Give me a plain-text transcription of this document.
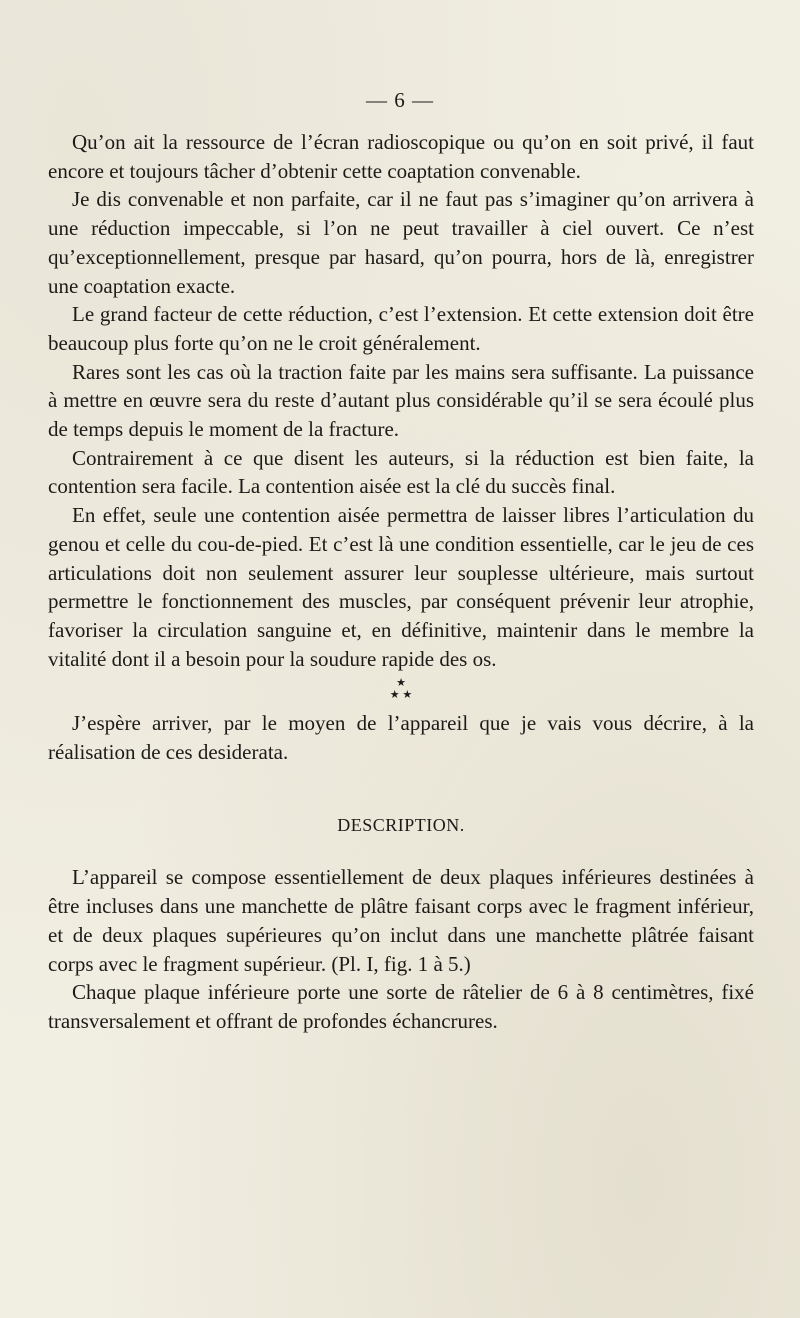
— 6 —

Qu’on ait la ressource de l’écran radioscopique ou qu’on en soit privé, il faut encore et toujours tâcher d’obtenir cette coaptation convenable.

Je dis convenable et non parfaite, car il ne faut pas s’imaginer qu’on arrivera à une réduction impeccable, si l’on ne peut travailler à ciel ouvert. Ce n’est qu’exceptionnellement, presque par hasard, qu’on pourra, hors de là, enregistrer une coaptation exacte.

Le grand facteur de cette réduction, c’est l’extension. Et cette extension doit être beaucoup plus forte qu’on ne le croit généralement.

Rares sont les cas où la traction faite par les mains sera suffisante. La puissance à mettre en œuvre sera du reste d’autant plus considérable qu’il se sera écoulé plus de temps depuis le moment de la fracture.

Contrairement à ce que disent les auteurs, si la réduction est bien faite, la contention sera facile. La contention aisée est la clé du succès final.

En effet, seule une contention aisée permettra de laisser libres l’articulation du genou et celle du cou-de-pied. Et c’est là une condition essentielle, car le jeu de ces articulations doit non seulement assurer leur souplesse ultérieure, mais surtout permettre le fonctionnement des muscles, par conséquent prévenir leur atrophie, favoriser la circulation sanguine et, en définitive, maintenir dans le membre la vitalité dont il a besoin pour la soudure rapide des os.

★
★ ★

J’espère arriver, par le moyen de l’appareil que je vais vous décrire, à la réalisation de ces desiderata.

DESCRIPTION.

L’appareil se compose essentiellement de deux plaques inférieures destinées à être incluses dans une manchette de plâtre faisant corps avec le fragment inférieur, et de deux plaques supérieures qu’on inclut dans une manchette plâtrée faisant corps avec le fragment supérieur. (Pl. I, fig. 1 à 5.)

Chaque plaque inférieure porte une sorte de râtelier de 6 à 8 centimètres, fixé transversalement et offrant de profondes échancrures.
